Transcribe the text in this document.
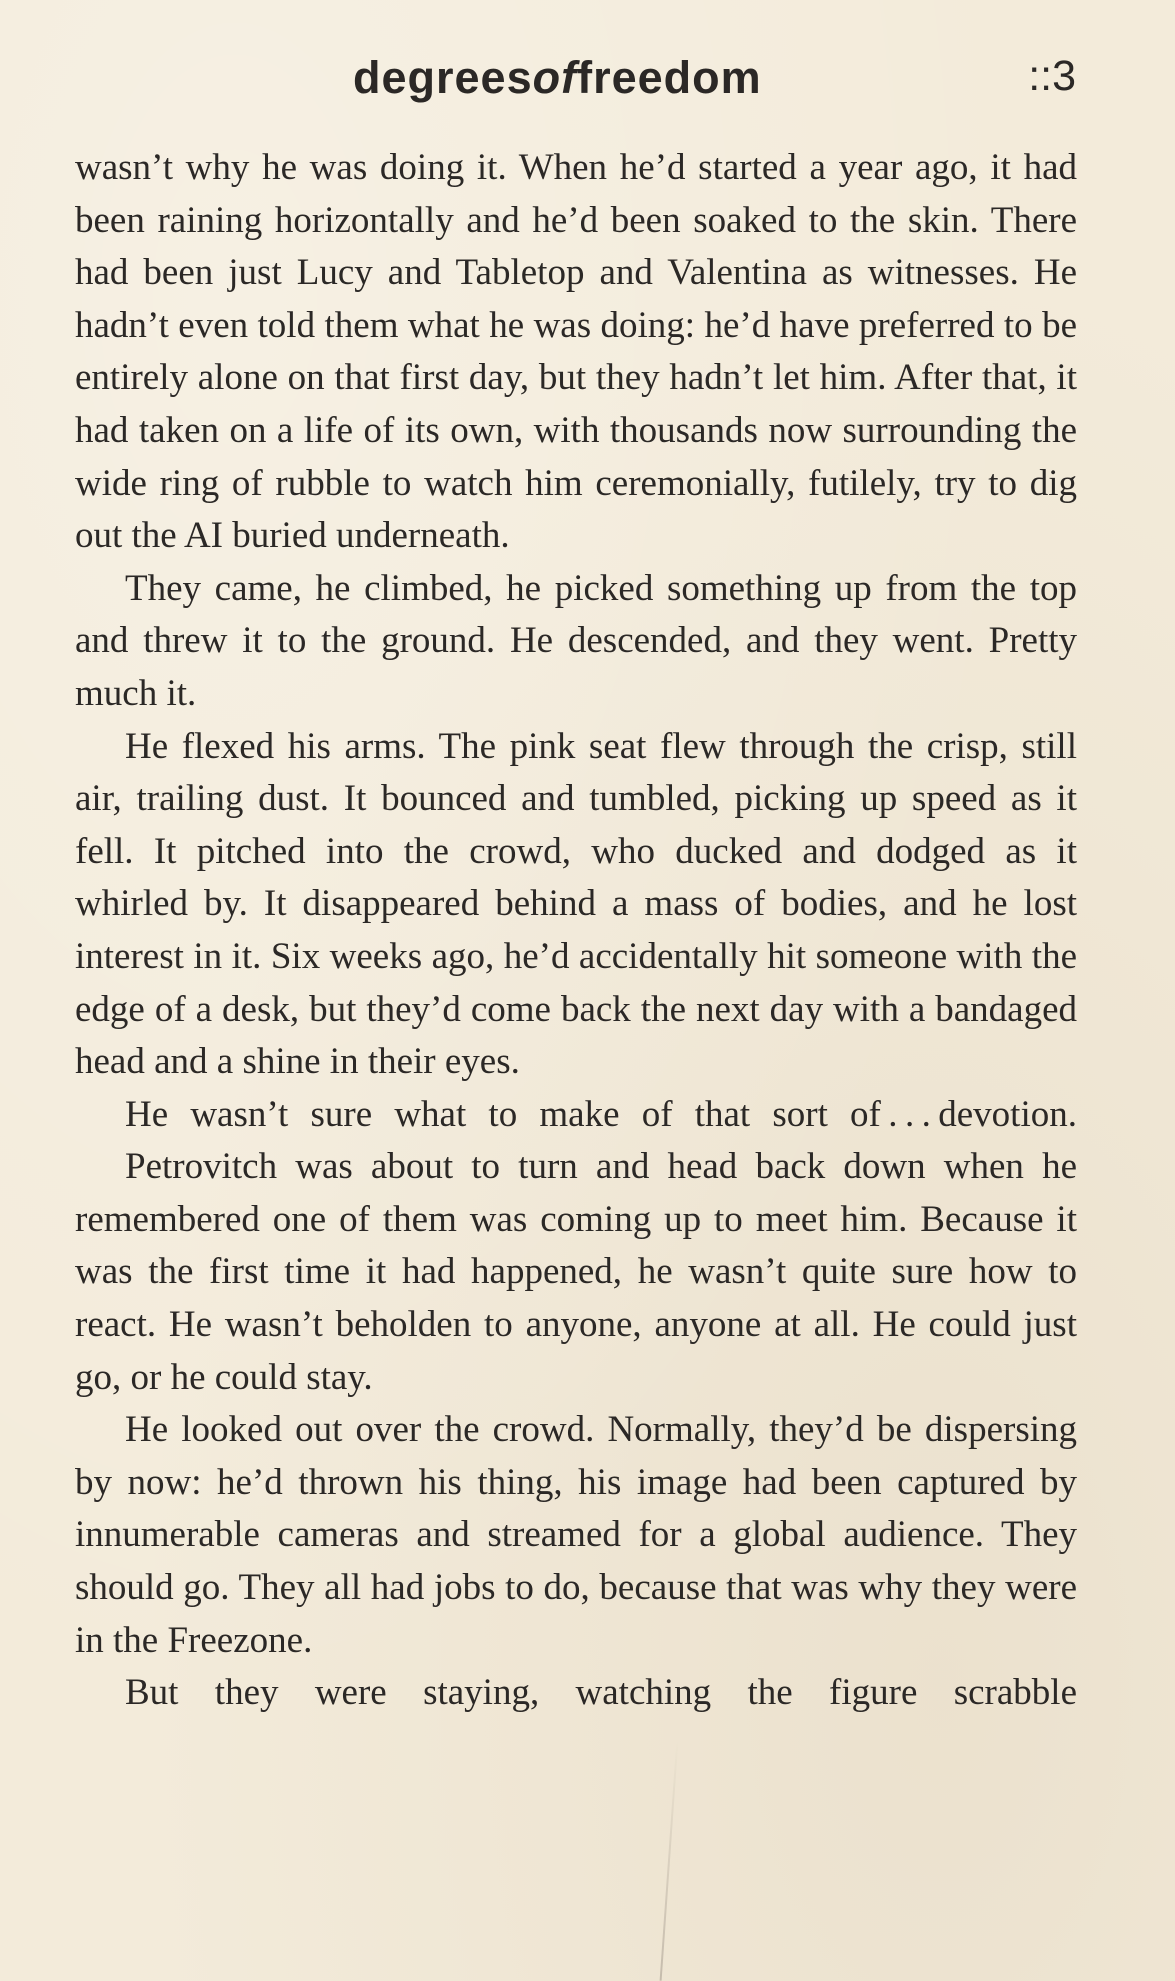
degreesoffreedom	::3

wasn’t why he was doing it. When he’d started a year ago, it had been raining horizontally and he’d been soaked to the skin. There had been just Lucy and Tabletop and Valentina as witnesses. He hadn’t even told them what he was doing: he’d have preferred to be entirely alone on that first day, but they hadn’t let him. After that, it had taken on a life of its own, with thousands now surrounding the wide ring of rubble to watch him ceremonially, futilely, try to dig out the AI buried underneath.

They came, he climbed, he picked something up from the top and threw it to the ground. He descended, and they went. Pretty much it.

He flexed his arms. The pink seat flew through the crisp, still air, trailing dust. It bounced and tumbled, picking up speed as it fell. It pitched into the crowd, who ducked and dodged as it whirled by. It disappeared behind a mass of bodies, and he lost interest in it. Six weeks ago, he’d accidentally hit someone with the edge of a desk, but they’d come back the next day with a bandaged head and a shine in their eyes.

He wasn’t sure what to make of that sort of . . . devotion.

Petrovitch was about to turn and head back down when he remembered one of them was coming up to meet him. Because it was the first time it had happened, he wasn’t quite sure how to react. He wasn’t beholden to anyone, anyone at all. He could just go, or he could stay.

He looked out over the crowd. Normally, they’d be dispersing by now: he’d thrown his thing, his image had been captured by innumerable cameras and streamed for a global audience. They should go. They all had jobs to do, because that was why they were in the Freezone.

But they were staying, watching the figure scrabble
